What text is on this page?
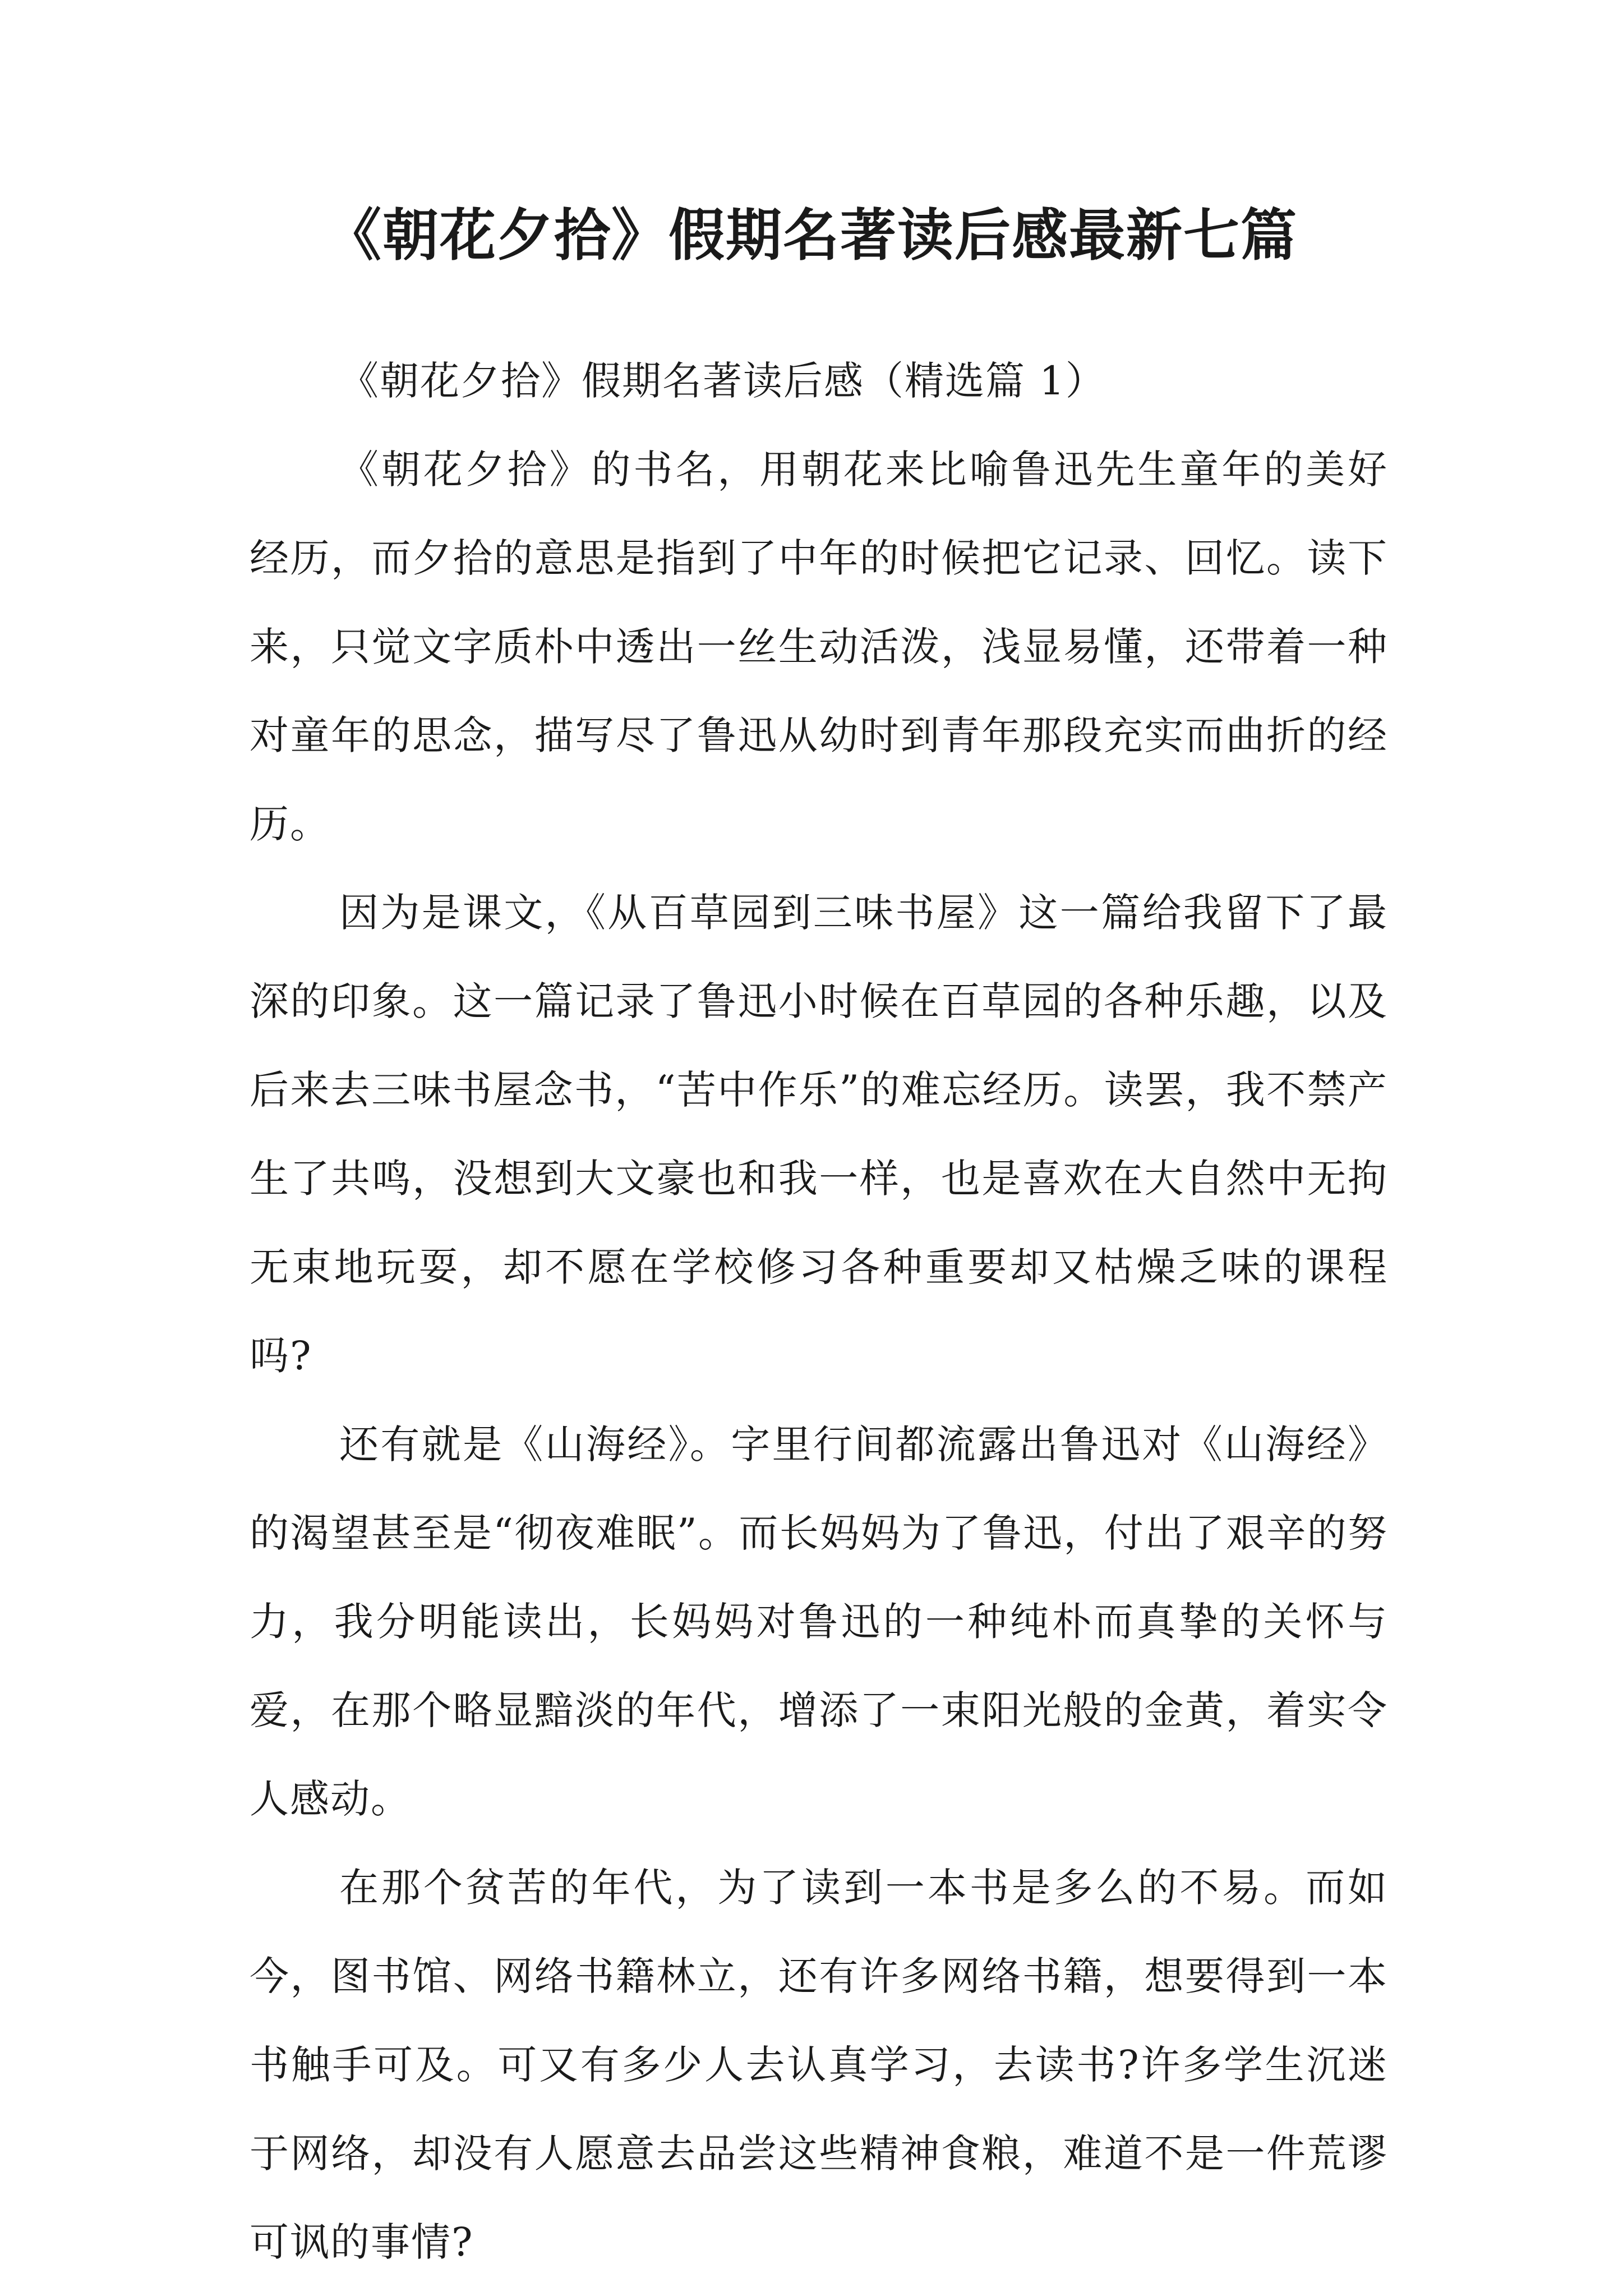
《朝花夕拾》假期名著读后感最新七篇

《朝花夕拾》假期名著读后感（精选篇 1）

《朝花夕拾》的书名，用朝花来比喻鲁迅先生童年的美好经历，而夕拾的意思是指到了中年的时候把它记录、回忆。读下来，只觉文字质朴中透出一丝生动活泼，浅显易懂，还带着一种对童年的思念，描写尽了鲁迅从幼时到青年那段充实而曲折的经历。

因为是课文，《从百草园到三味书屋》这一篇给我留下了最深的印象。这一篇记录了鲁迅小时候在百草园的各种乐趣，以及后来去三味书屋念书，“苦中作乐”的难忘经历。读罢，我不禁产生了共鸣，没想到大文豪也和我一样，也是喜欢在大自然中无拘无束地玩耍，却不愿在学校修习各种重要却又枯燥乏味的课程吗?

还有就是《山海经》。字里行间都流露出鲁迅对《山海经》的渴望甚至是“彻夜难眠”。而长妈妈为了鲁迅，付出了艰辛的努力，我分明能读出，长妈妈对鲁迅的一种纯朴而真挚的关怀与爱，在那个略显黯淡的年代，增添了一束阳光般的金黄，着实令人感动。

在那个贫苦的年代，为了读到一本书是多么的不易。而如今，图书馆、网络书籍林立，还有许多网络书籍，想要得到一本书触手可及。可又有多少人去认真学习，去读书?许多学生沉迷于网络，却没有人愿意去品尝这些精神食粮，难道不是一件荒谬可讽的事情?
